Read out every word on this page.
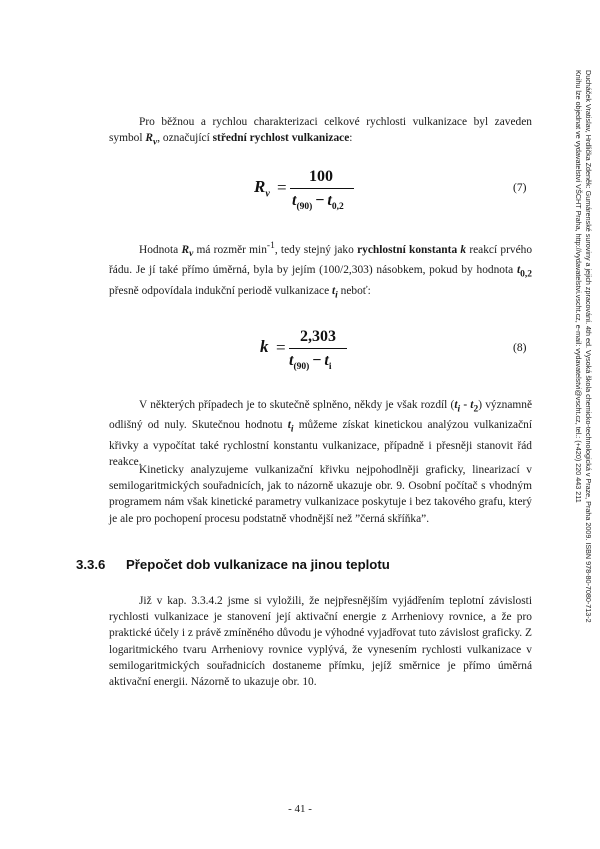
Pro běžnou a rychlou charakterizaci celkové rychlosti vulkanizace byl zaveden symbol $R_v$, označující střední rychlost vulkanizace:

$R_v$ =
100
$t_{(90)} - t_{0,2}$
(7)

Hodnota $R_v$ má rozměr $\min^{-1}$, tedy stejný jako rychlostní konstanta k reakcí prvého řádu. Je jí také přímo úměrná, byla by jejím (100/2,303) násobkem, pokud by hodnota $t_{0,2}$ přesně odpovídala indukční periodě vulkanizace $t_i$ neboť:

k =
2,303
$t_{(90)} - t_i$
(8)

V některých případech je to skutečně splněno, někdy je však rozdíl $(t_i - t_2)$ významně odlišný od nuly. Skutečnou hodnotu $t_i$ můžeme získat kinetickou analýzou vulkanizační křivky a vypočítat také rychlostní konstantu vulkanizace, případně i přesněji stanovit řád reakce.

Kineticky analyzujeme vulkanizační křivku nejpohodlněji graficky, linearizací v semilogaritmických souřadnicích, jak to názorně ukazuje obr. 9. Osobní počítač s vhodným programem nám však kinetické parametry vulkanizace poskytuje i bez takového grafu, který je ale pro pochopení procesu podstatně vhodnější než ”černá skříňka”.

3.3.6 Přepočet dob vulkanizace na jinou teplotu

Již v kap. 3.3.4.2 jsme si vyložili, že nejpřesnějším vyjádřením teplotní závislosti rychlosti vulkanizace je stanovení její aktivační energie z Arrheniovy rovnice, a že pro praktické účely i z právě zmíněného důvodu je výhodné vyjadřovat tuto závislost graficky. Z logaritmického tvaru Arrheniovy rovnice vyplývá, že vynesením rychlosti vulkanizace v semilogaritmických souřadnicích dostaneme přímku, jejíž směrnice je přímo úměrná aktivační energii. Názorně to ukazuje obr. 10.

- 41 -
Ducháček Vratislav, Hrdlička Zdeněk: Gumárenské suroviny a jejich zpracování. 4th ed. Vysoká škola chemicko-technologická v Praze, Praha 2009. ISBN 978-80-7080-713-2
Knihu lze objednat ve vydavatelství VŠCHT Praha, http://vydavatelstvi.vscht.cz, e-mail: vydavatelstvi@vscht.cz, tel.: (+420) 220 443 211
